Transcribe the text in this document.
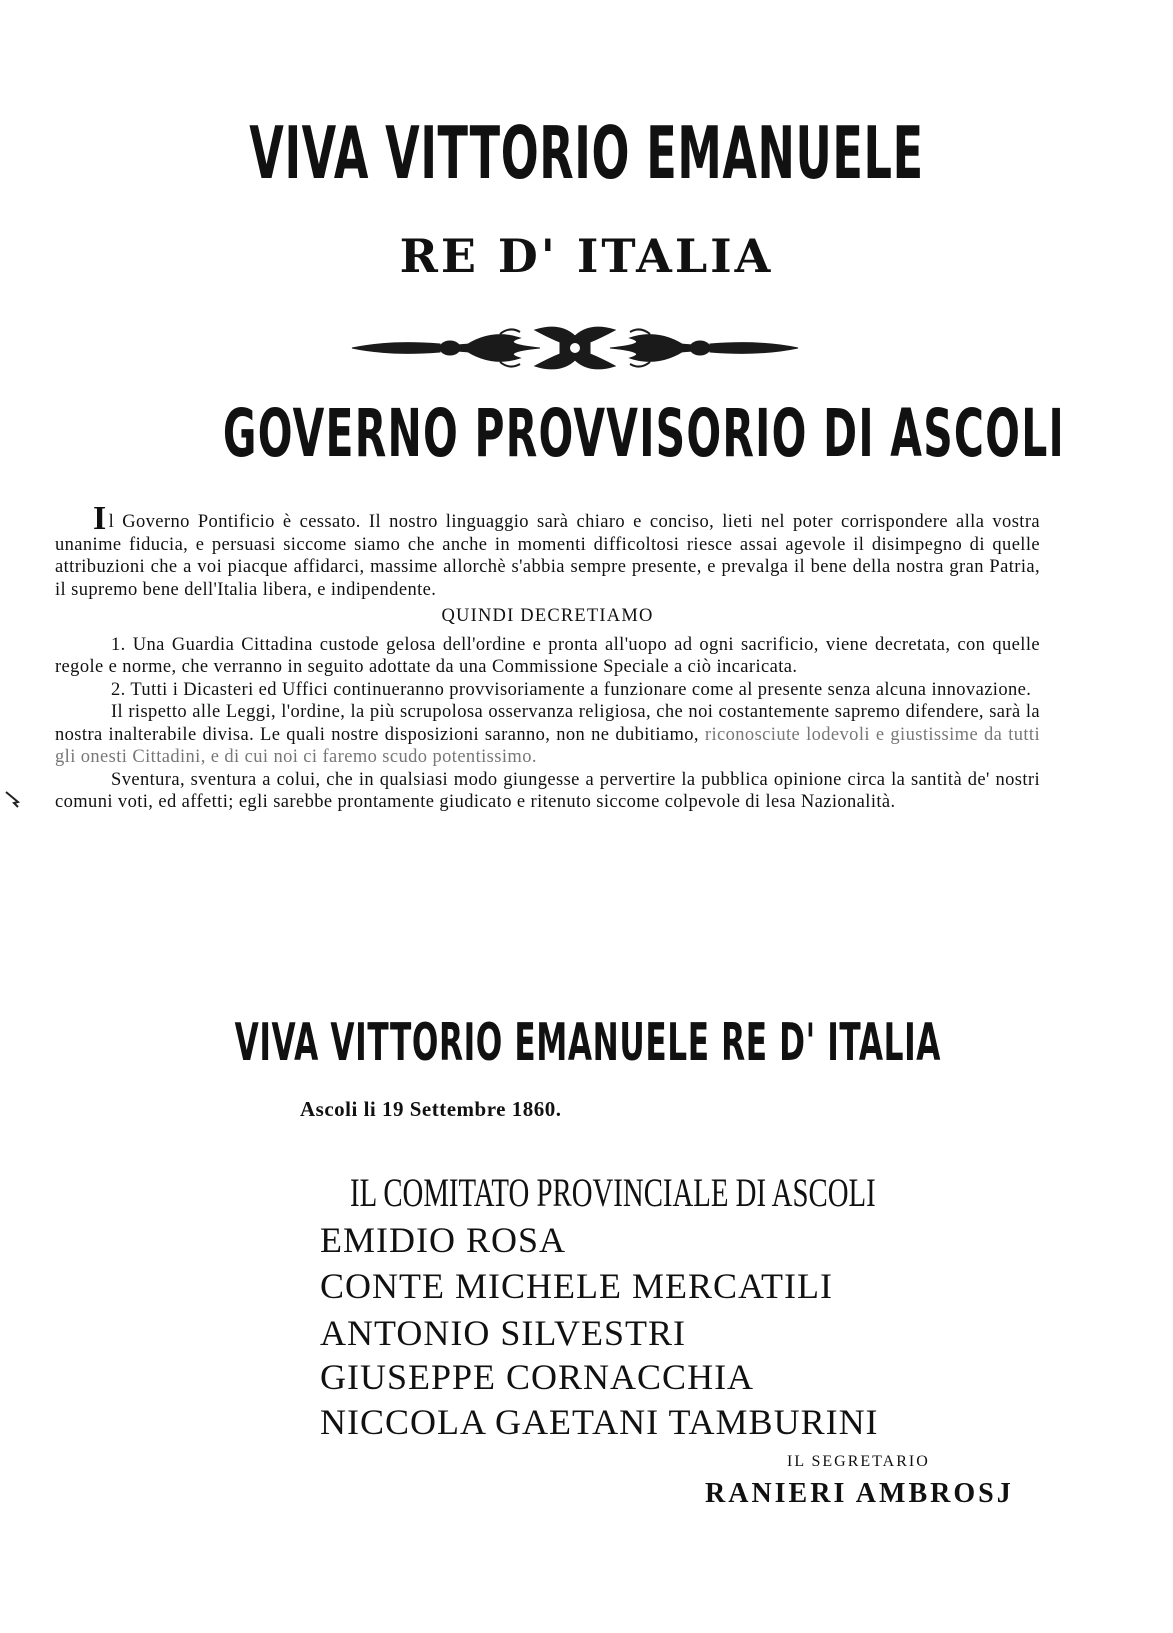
VIVA VITTORIO EMANUELE
RE D' ITALIA
GOVERNO PROVVISORIO DI ASCOLI

Il Governo Pontificio è cessato. Il nostro linguaggio sarà chiaro e conciso, lieti nel poter corrispondere alla vostra unanime fiducia, e persuasi siccome siamo che anche in momenti difficoltosi riesce assai agevole il disimpegno di quelle attribuzioni che a voi piacque affidarci, massime allorchè s'abbia sempre presente, e prevalga il bene della nostra gran Patria, il supremo bene dell'Italia libera, e indipendente.

QUINDI DECRETIAMO

1. Una Guardia Cittadina custode gelosa dell'ordine e pronta all'uopo ad ogni sacrificio, viene decretata, con quelle regole e norme, che verranno in seguito adottate da una Commissione Speciale a ciò incaricata.

2. Tutti i Dicasteri ed Uffici continueranno provvisoriamente a funzionare come al presente senza alcuna innovazione.

Il rispetto alle Leggi, l'ordine, la più scrupolosa osservanza religiosa, che noi costantemente sapremo difendere, sarà la nostra inalterabile divisa. Le quali nostre disposizioni saranno, non ne dubitiamo, riconosciute lodevoli e giustissime da tutti gli onesti Cittadini, e di cui noi ci faremo scudo potentissimo.

Sventura, sventura a colui, che in qualsiasi modo giungesse a pervertire la pubblica opinione circa la santità de' nostri comuni voti, ed affetti; egli sarebbe prontamente giudicato e ritenuto siccome colpevole di lesa Nazionalità.

VIVA VITTORIO EMANUELE RE D' ITALIA
Ascoli li 19 Settembre 1860.
IL COMITATO PROVINCIALE DI ASCOLI
EMIDIO ROSA
CONTE MICHELE MERCATILI
ANTONIO SILVESTRI
GIUSEPPE CORNACCHIA
NICCOLA GAETANI TAMBURINI
IL SEGRETARIO
RANIERI AMBROSJ
